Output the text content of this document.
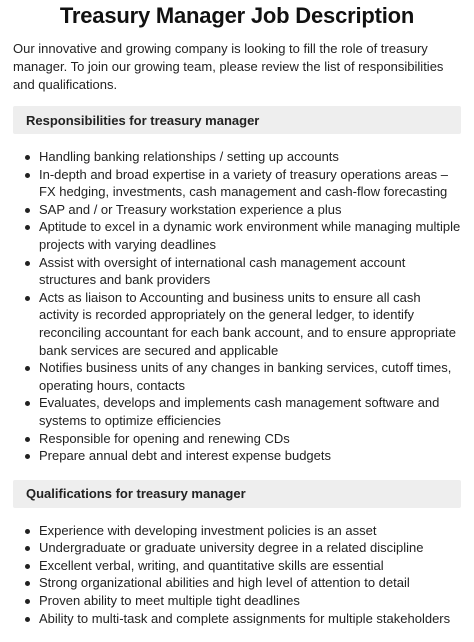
Treasury Manager Job Description

Our innovative and growing company is looking to fill the role of treasury manager. To join our growing team, please review the list of responsibilities and qualifications.

Responsibilities for treasury manager
Handling banking relationships / setting up accounts
In-depth and broad expertise in a variety of treasury operations areas – FX hedging, investments, cash management and cash-flow forecasting
SAP and / or Treasury workstation experience a plus
Aptitude to excel in a dynamic work environment while managing multiple projects with varying deadlines
Assist with oversight of international cash management account structures and bank providers
Acts as liaison to Accounting and business units to ensure all cash activity is recorded appropriately on the general ledger, to identify reconciling accountant for each bank account, and to ensure appropriate bank services are secured and applicable
Notifies business units of any changes in banking services, cutoff times, operating hours, contacts
Evaluates, develops and implements cash management software and systems to optimize efficiencies
Responsible for opening and renewing CDs
Prepare annual debt and interest expense budgets
Qualifications for treasury manager
Experience with developing investment policies is an asset
Undergraduate or graduate university degree in a related discipline
Excellent verbal, writing, and quantitative skills are essential
Strong organizational abilities and high level of attention to detail
Proven ability to meet multiple tight deadlines
Ability to multi-task and complete assignments for multiple stakeholders
